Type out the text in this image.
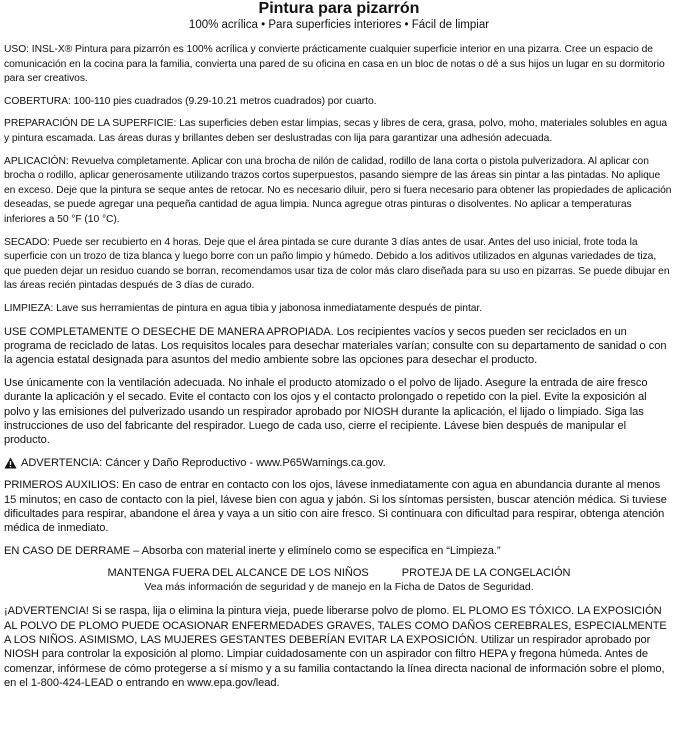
Pintura para pizarrón
100% acrílica • Para superficies interiores • Fácil de limpiar
USO: INSL-X® Pintura para pizarrón es 100% acrílica y convierte prácticamente cualquier superficie interior en una pizarra. Cree un espacio de comunicación en la cocina para la familia, convierta una pared de su oficina en casa en un bloc de notas o dé a sus hijos un lugar en su dormitorio para ser creativos.
COBERTURA: 100-110 pies cuadrados (9.29-10.21 metros cuadrados) por cuarto.
PREPARACIÓN DE LA SUPERFICIE: Las superficies deben estar limpias, secas y libres de cera, grasa, polvo, moho, materiales solubles en agua y pintura escamada. Las áreas duras y brillantes deben ser deslustradas con lija para garantizar una adhesión adecuada.
APLICACIÓN: Revuelva completamente. Aplicar con una brocha de nilón de calidad, rodillo de lana corta o pistola pulverizadora. Al aplicar con brocha o rodillo, aplicar generosamente utilizando trazos cortos superpuestos, pasando siempre de las áreas sin pintar a las pintadas. No aplique en exceso. Deje que la pintura se seque antes de retocar. No es necesario diluir, pero si fuera necesario para obtener las propiedades de aplicación deseadas, se puede agregar una pequeña cantidad de agua limpia. Nunca agregue otras pinturas o disolventes. No aplicar a temperaturas inferiores a 50 °F (10 °C).
SECADO: Puede ser recubierto en 4 horas. Deje que el área pintada se cure durante 3 días antes de usar. Antes del uso inicial, frote toda la superficie con un trozo de tiza blanca y luego borre con un paño limpio y húmedo. Debido a los aditivos utilizados en algunas variedades de tiza, que pueden dejar un residuo cuando se borran, recomendamos usar tiza de color más claro diseñada para su uso en pizarras. Se puede dibujar en las áreas recién pintadas después de 3 días de curado.
LIMPIEZA: Lave sus herramientas de pintura en agua tibia y jabonosa inmediatamente después de pintar.
USE COMPLETAMENTE O DESECHE DE MANERA APROPIADA. Los recipientes vacíos y secos pueden ser reciclados en un programa de reciclado de latas. Los requisitos locales para desechar materiales varían; consulte con su departamento de sanidad o con la agencia estatal designada para asuntos del medio ambiente sobre las opciones para desechar el producto.
Use únicamente con la ventilación adecuada. No inhale el producto atomizado o el polvo de lijado. Asegure la entrada de aire fresco durante la aplicación y el secado. Evite el contacto con los ojos y el contacto prolongado o repetido con la piel. Evite la exposición al polvo y las emisiones del pulverizado usando un respirador aprobado por NIOSH durante la aplicación, el lijado o limpiado. Siga las instrucciones de uso del fabricante del respirador. Luego de cada uso, cierre el recipiente. Lávese bien después de manipular el producto.
ADVERTENCIA: Cáncer y Daño Reproductivo - www.P65Warnings.ca.gov.
PRIMEROS AUXILIOS: En caso de entrar en contacto con los ojos, lávese inmediatamente con agua en abundancia durante al menos 15 minutos; en caso de contacto con la piel, lávese bien con agua y jabón. Si los síntomas persisten, buscar atención médica. Si tuviese dificultades para respirar, abandone el área y vaya a un sitio con aire fresco. Si continuara con dificultad para respirar, obtenga atención médica de inmediato.
EN CASO DE DERRAME – Absorba con material inerte y elimínelo como se especifica en “Limpieza.”
MANTENGA FUERA DEL ALCANCE DE LOS NIÑOS	PROTEJA DE LA CONGELACIÓN
Vea más información de seguridad y de manejo en la Ficha de Datos de Seguridad.
¡ADVERTENCIA! Si se raspa, lija o elimina la pintura vieja, puede liberarse polvo de plomo. EL PLOMO ES TÓXICO. LA EXPOSICIÓN AL POLVO DE PLOMO PUEDE OCASIONAR ENFERMEDADES GRAVES, TALES COMO DAÑOS CEREBRALES, ESPECIALMENTE A LOS NIÑOS. ASIMISMO, LAS MUJERES GESTANTES DEBERÍAN EVITAR LA EXPOSICIÓN. Utilizar un respirador aprobado por NIOSH para controlar la exposición al plomo. Limpiar cuidadosamente con un aspirador con filtro HEPA y fregona húmeda. Antes de comenzar, infórmese de cómo protegerse a sí mismo y a su familia contactando la línea directa nacional de información sobre el plomo, en el 1-800-424-LEAD o entrando en www.epa.gov/lead.
